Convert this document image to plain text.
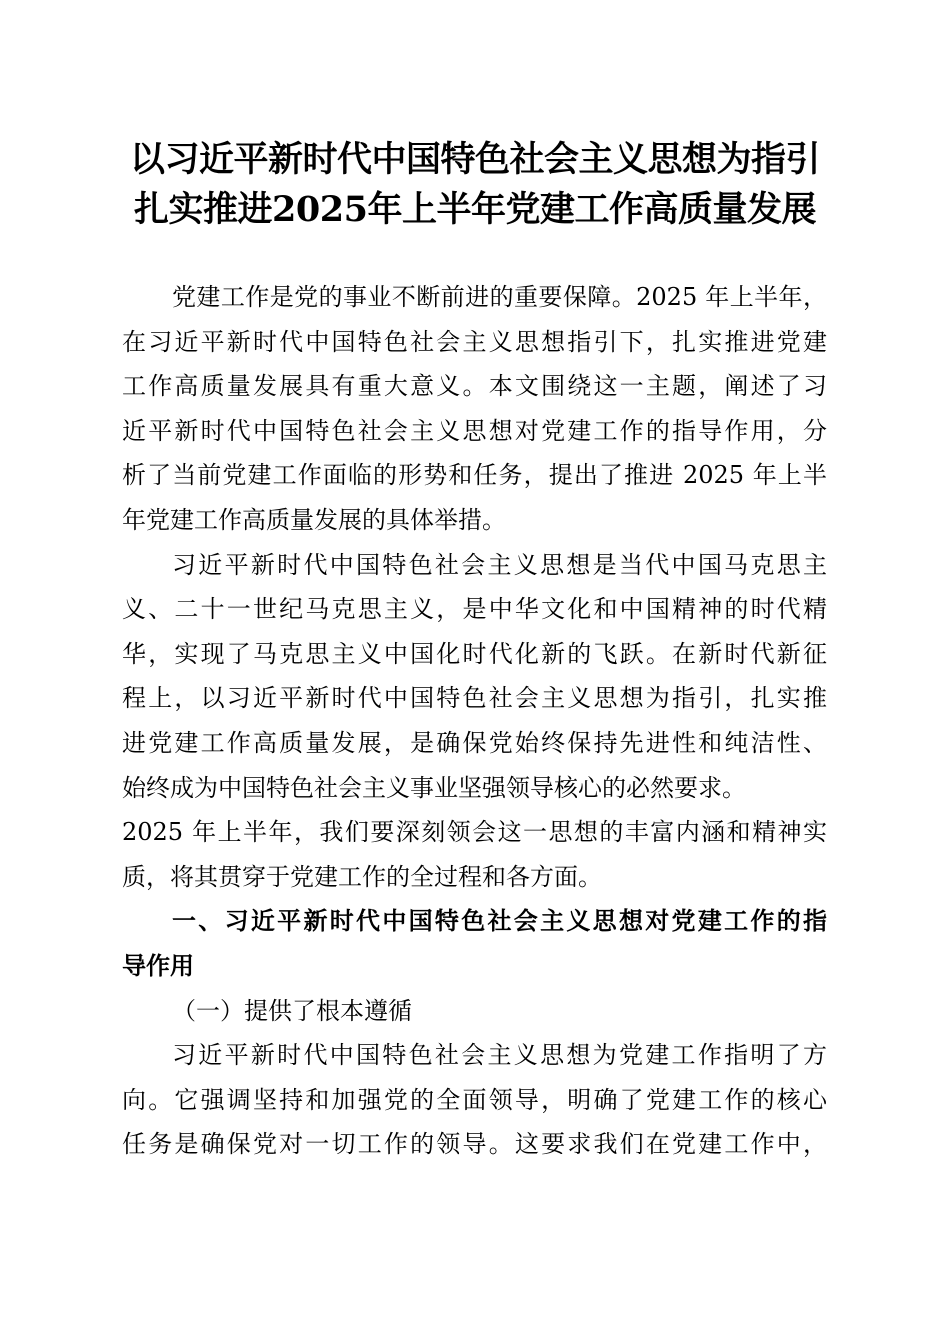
以习近平新时代中国特色社会主义思想为指引
扎实推进2025年上半年党建工作高质量发展
党建工作是党的事业不断前进的重要保障。2025 年上半年，
在习近平新时代中国特色社会主义思想指引下，扎实推进党建
工作高质量发展具有重大意义。本文围绕这一主题，阐述了习
近平新时代中国特色社会主义思想对党建工作的指导作用，分
析了当前党建工作面临的形势和任务，提出了推进 2025 年上半
年党建工作高质量发展的具体举措。
习近平新时代中国特色社会主义思想是当代中国马克思主
义、二十一世纪马克思主义，是中华文化和中国精神的时代精
华，实现了马克思主义中国化时代化新的飞跃。在新时代新征
程上，以习近平新时代中国特色社会主义思想为指引，扎实推
进党建工作高质量发展，是确保党始终保持先进性和纯洁性、
始终成为中国特色社会主义事业坚强领导核心的必然要求。
2025 年上半年，我们要深刻领会这一思想的丰富内涵和精神实
质，将其贯穿于党建工作的全过程和各方面。
一、习近平新时代中国特色社会主义思想对党建工作的指
导作用
（一）提供了根本遵循
习近平新时代中国特色社会主义思想为党建工作指明了方
向。它强调坚持和加强党的全面领导，明确了党建工作的核心
任务是确保党对一切工作的领导。这要求我们在党建工作中，
